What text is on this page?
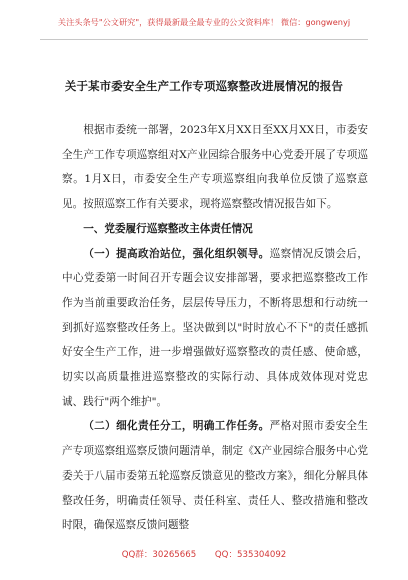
关注头条号"公文研究"，获得最新最全最专业的公文资料库！ 微信：gongwenyj
关于某市委安全生产工作专项巡察整改进展情况的报告

根据市委统一部署，2023年X月XX日至XX月XX日，市委安全生产工作专项巡察组对X产业园综合服务中心党委开展了专项巡察。1月X日，市委安全生产专项巡察组向我单位反馈了巡察意见。按照巡察工作有关要求，现将巡察整改情况报告如下。

一、党委履行巡察整改主体责任情况

（一）提高政治站位，强化组织领导。巡察情况反馈会后，中心党委第一时间召开专题会议安排部署，要求把巡察整改工作作为当前重要政治任务，层层传导压力，不断将思想和行动统一到抓好巡察整改任务上。坚决做到以"时时放心不下"的责任感抓好安全生产工作，进一步增强做好巡察整改的责任感、使命感，切实以高质量推进巡察整改的实际行动、具体成效体现对党忠诚、践行"两个维护"。

（二）细化责任分工，明确工作任务。严格对照市委安全生产专项巡察组巡察反馈问题清单，制定《X产业园综合服务中心党委关于八届市委第五轮巡察反馈意见的整改方案》，细化分解具体整改任务，明确责任领导、责任科室、责任人、整改措施和整改时限，确保巡察反馈问题整

QQ群：30265665 QQ：535304092
